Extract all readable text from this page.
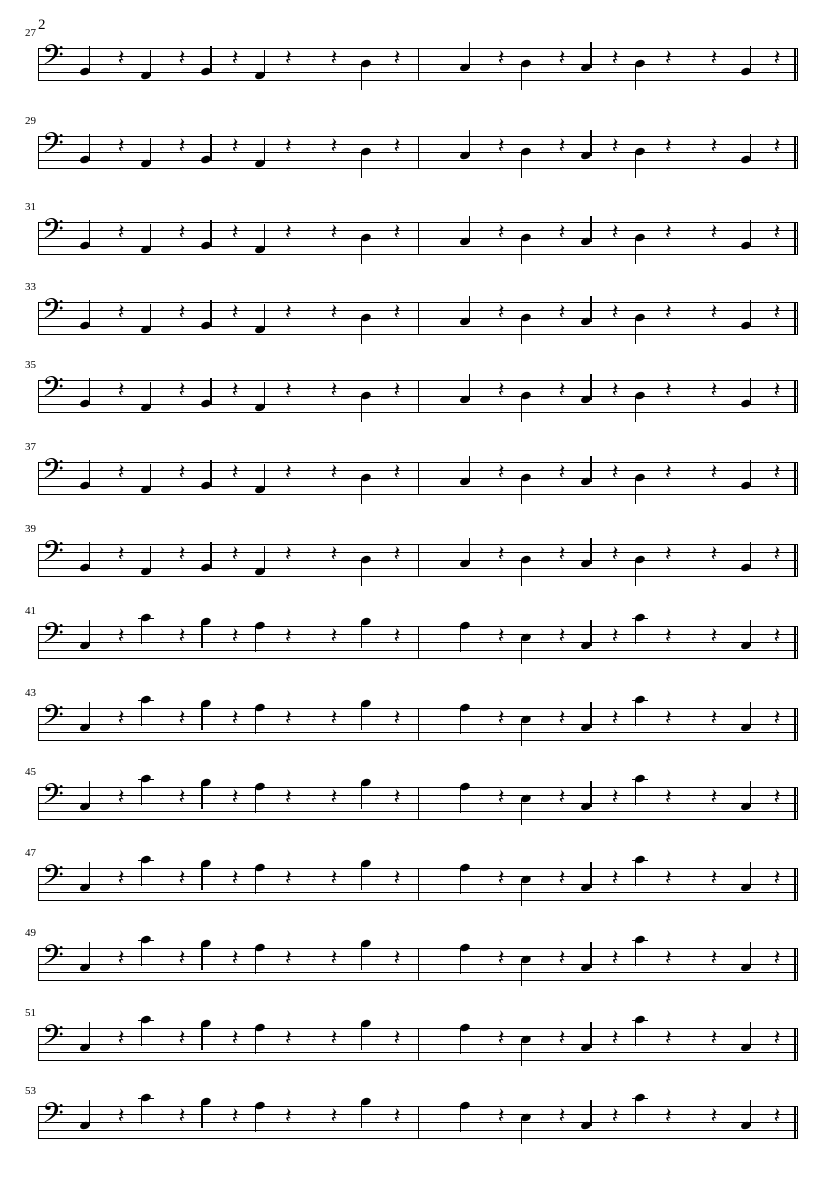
2
27
𝄢
𝄽
𝄽
𝄽
𝄽
𝄽
𝄽
𝄽
𝄽
𝄽
𝄽
𝄽
𝄽
29
𝄢
𝄽
𝄽
𝄽
𝄽
𝄽
𝄽
𝄽
𝄽
𝄽
𝄽
𝄽
𝄽
31
𝄢
𝄽
𝄽
𝄽
𝄽
𝄽
𝄽
𝄽
𝄽
𝄽
𝄽
𝄽
𝄽
33
𝄢
𝄽
𝄽
𝄽
𝄽
𝄽
𝄽
𝄽
𝄽
𝄽
𝄽
𝄽
𝄽
35
𝄢
𝄽
𝄽
𝄽
𝄽
𝄽
𝄽
𝄽
𝄽
𝄽
𝄽
𝄽
𝄽
37
𝄢
𝄽
𝄽
𝄽
𝄽
𝄽
𝄽
𝄽
𝄽
𝄽
𝄽
𝄽
𝄽
39
𝄢
𝄽
𝄽
𝄽
𝄽
𝄽
𝄽
𝄽
𝄽
𝄽
𝄽
𝄽
𝄽
41
𝄢
𝄽
𝄽
𝄽
𝄽
𝄽
𝄽
𝄽
𝄽
𝄽
𝄽
𝄽
𝄽
43
𝄢
𝄽
𝄽
𝄽
𝄽
𝄽
𝄽
𝄽
𝄽
𝄽
𝄽
𝄽
𝄽
45
𝄢
𝄽
𝄽
𝄽
𝄽
𝄽
𝄽
𝄽
𝄽
𝄽
𝄽
𝄽
𝄽
47
𝄢
𝄽
𝄽
𝄽
𝄽
𝄽
𝄽
𝄽
𝄽
𝄽
𝄽
𝄽
𝄽
49
𝄢
𝄽
𝄽
𝄽
𝄽
𝄽
𝄽
𝄽
𝄽
𝄽
𝄽
𝄽
𝄽
51
𝄢
𝄽
𝄽
𝄽
𝄽
𝄽
𝄽
𝄽
𝄽
𝄽
𝄽
𝄽
𝄽
53
𝄢
𝄽
𝄽
𝄽
𝄽
𝄽
𝄽
𝄽
𝄽
𝄽
𝄽
𝄽
𝄽
